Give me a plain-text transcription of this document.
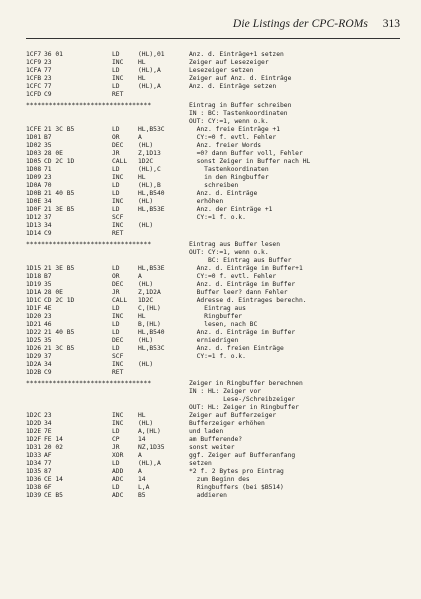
Die Listings der CPC-ROMs 313
1CF7 36 01	LD	(HL),01	Anz. d. Einträge+1 setzen
1CF9 23	INC HL	Zeiger auf Lesezeiger
1CFA 77	LD	(HL),A	Lesezeiger setzen
1CFB 23	INC HL	Zeiger auf Anz. d. Einträge
1CFC 77	LD	(HL),A	Anz. d. Einträge setzen
1CFD C9	RET
*********************************	Eintrag in Buffer schreiben
IN : BC: Tastenkoordinaten
OUT: CY:=1, wenn o.k.
1CFE 21 3C B5	LD	HL,B53C	Anz. freie Einträge +1
1D01 B7	OR	A	CY:=0 f. evtl. Fehler
1D02 35	DEC (HL)	Anz. freier Words
1D03 28 0E	JR	Z,1D13	=0? dann Buffer voll, Fehler
1D05 CD 2C 1D	CALL 1D2C	sonst Zeiger in Buffer nach HL
1D08 71	LD	(HL),C	Tastenkoordinaten
1D09 23	INC HL	in den Ringbuffer
1D0A 70	LD	(HL),B	schreiben
1D0B 21 40 B5	LD	HL,B540	Anz. d. Einträge
1D0E 34	INC (HL)	erhöhen
1D0F 21 3E B5	LD	HL,B53E	Anz. der Einträge +1
1D12 37	SCF	CY:=1 f. o.k.
1D13 34	INC (HL)
1D14 C9	RET
*********************************	Eintrag aus Buffer lesen
OUT: CY:=1, wenn o.k.
BC: Eintrag aus Buffer
1D15 21 3E B5	LD	HL,B53E	Anz. d. Einträge im Buffer+1
1D18 B7	OR	A	CY:=0 f. evtl. Fehler
1D19 35	DEC (HL)	Anz. d. Einträge im Buffer
1D1A 28 0E	JR	Z,1D2A	Buffer leer? dann Fehler
1D1C CD 2C 1D	CALL 1D2C	Adresse d. Eintrages berechn.
1D1F 4E	LD	C,(HL)	Eintrag aus
1D20 23	INC HL	Ringbuffer
1D21 46	LD	B,(HL)	lesen, nach BC
1D22 21 40 B5	LD	HL,B540	Anz. d. Einträge im Buffer
1D25 35	DEC (HL)	erniedrigen
1D26 21 3C B5	LD	HL,B53C	Anz. d. freien Einträge
1D29 37	SCF	CY:=1 f. o.k.
1D2A 34	INC (HL)
1D2B C9	RET
*********************************	Zeiger in Ringbuffer berechnen
IN : HL: Zeiger vor
Lese-/Schreibzeiger
OUT: HL: Zeiger in Ringbuffer
1D2C 23	INC HL	Zeiger auf Bufferzeiger
1D2D 34	INC (HL)	Bufferzeiger erhöhen
1D2E 7E	LD	A,(HL)	und laden
1D2F FE 14	CP	14	am Bufferende?
1D31 20 02	JR	NZ,1D35	sonst weiter
1D33 AF	XOR A	ggf. Zeiger auf Bufferanfang
1D34 77	LD	(HL),A	setzen
1D35 87	ADD A	*2 f. 2 Bytes pro Eintrag
1D36 CE 14	ADC 14	zum Beginn des
1D38 6F	LD	L,A	Ringbuffers (bei $B514)
1D39 CE B5	ADC B5	addieren
